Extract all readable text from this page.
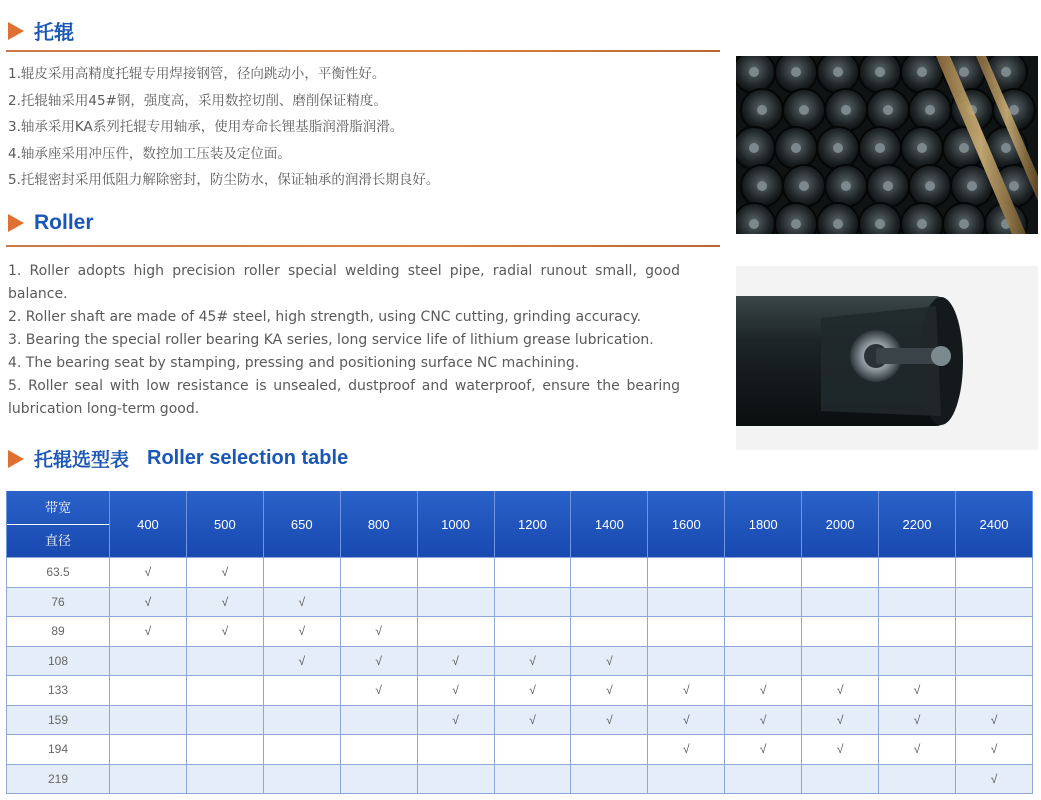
托辊
1.辊皮采用高精度托辊专用焊接钢管，径向跳动小，平衡性好。
2.托辊轴采用45#钢，强度高，采用数控切削、磨削保证精度。
3.轴承采用KA系列托辊专用轴承，使用寿命长锂基脂润滑脂润滑。
4.轴承座采用冲压件，数控加工压装及定位面。
5.托辊密封采用低阻力解除密封，防尘防水，保证轴承的润滑长期良好。
Roller
1. Roller adopts high precision roller special welding steel pipe, radial runout small, good balance.
2. Roller shaft are made of 45# steel, high strength, using CNC cutting, grinding accuracy.
3. Bearing the special roller bearing KA series, long service life of lithium grease lubrication.
4. The bearing seat by stamping, pressing and positioning surface NC machining.
5. Roller seal with low resistance is unsealed, dustproof and waterproof, ensure the bearing lubrication long-term good.
托辊选型表 Roller selection table
带宽
直径	400	500	650	800	1000	1200	1400	1600	1800	2000	2200	2400
63.5	√	√										
76	√	√	√									
89	√	√	√	√								
108			√	√	√	√	√					
133				√	√	√	√	√	√	√	√	
159					√	√	√	√	√	√	√	√
194								√	√	√	√	√
219												√
